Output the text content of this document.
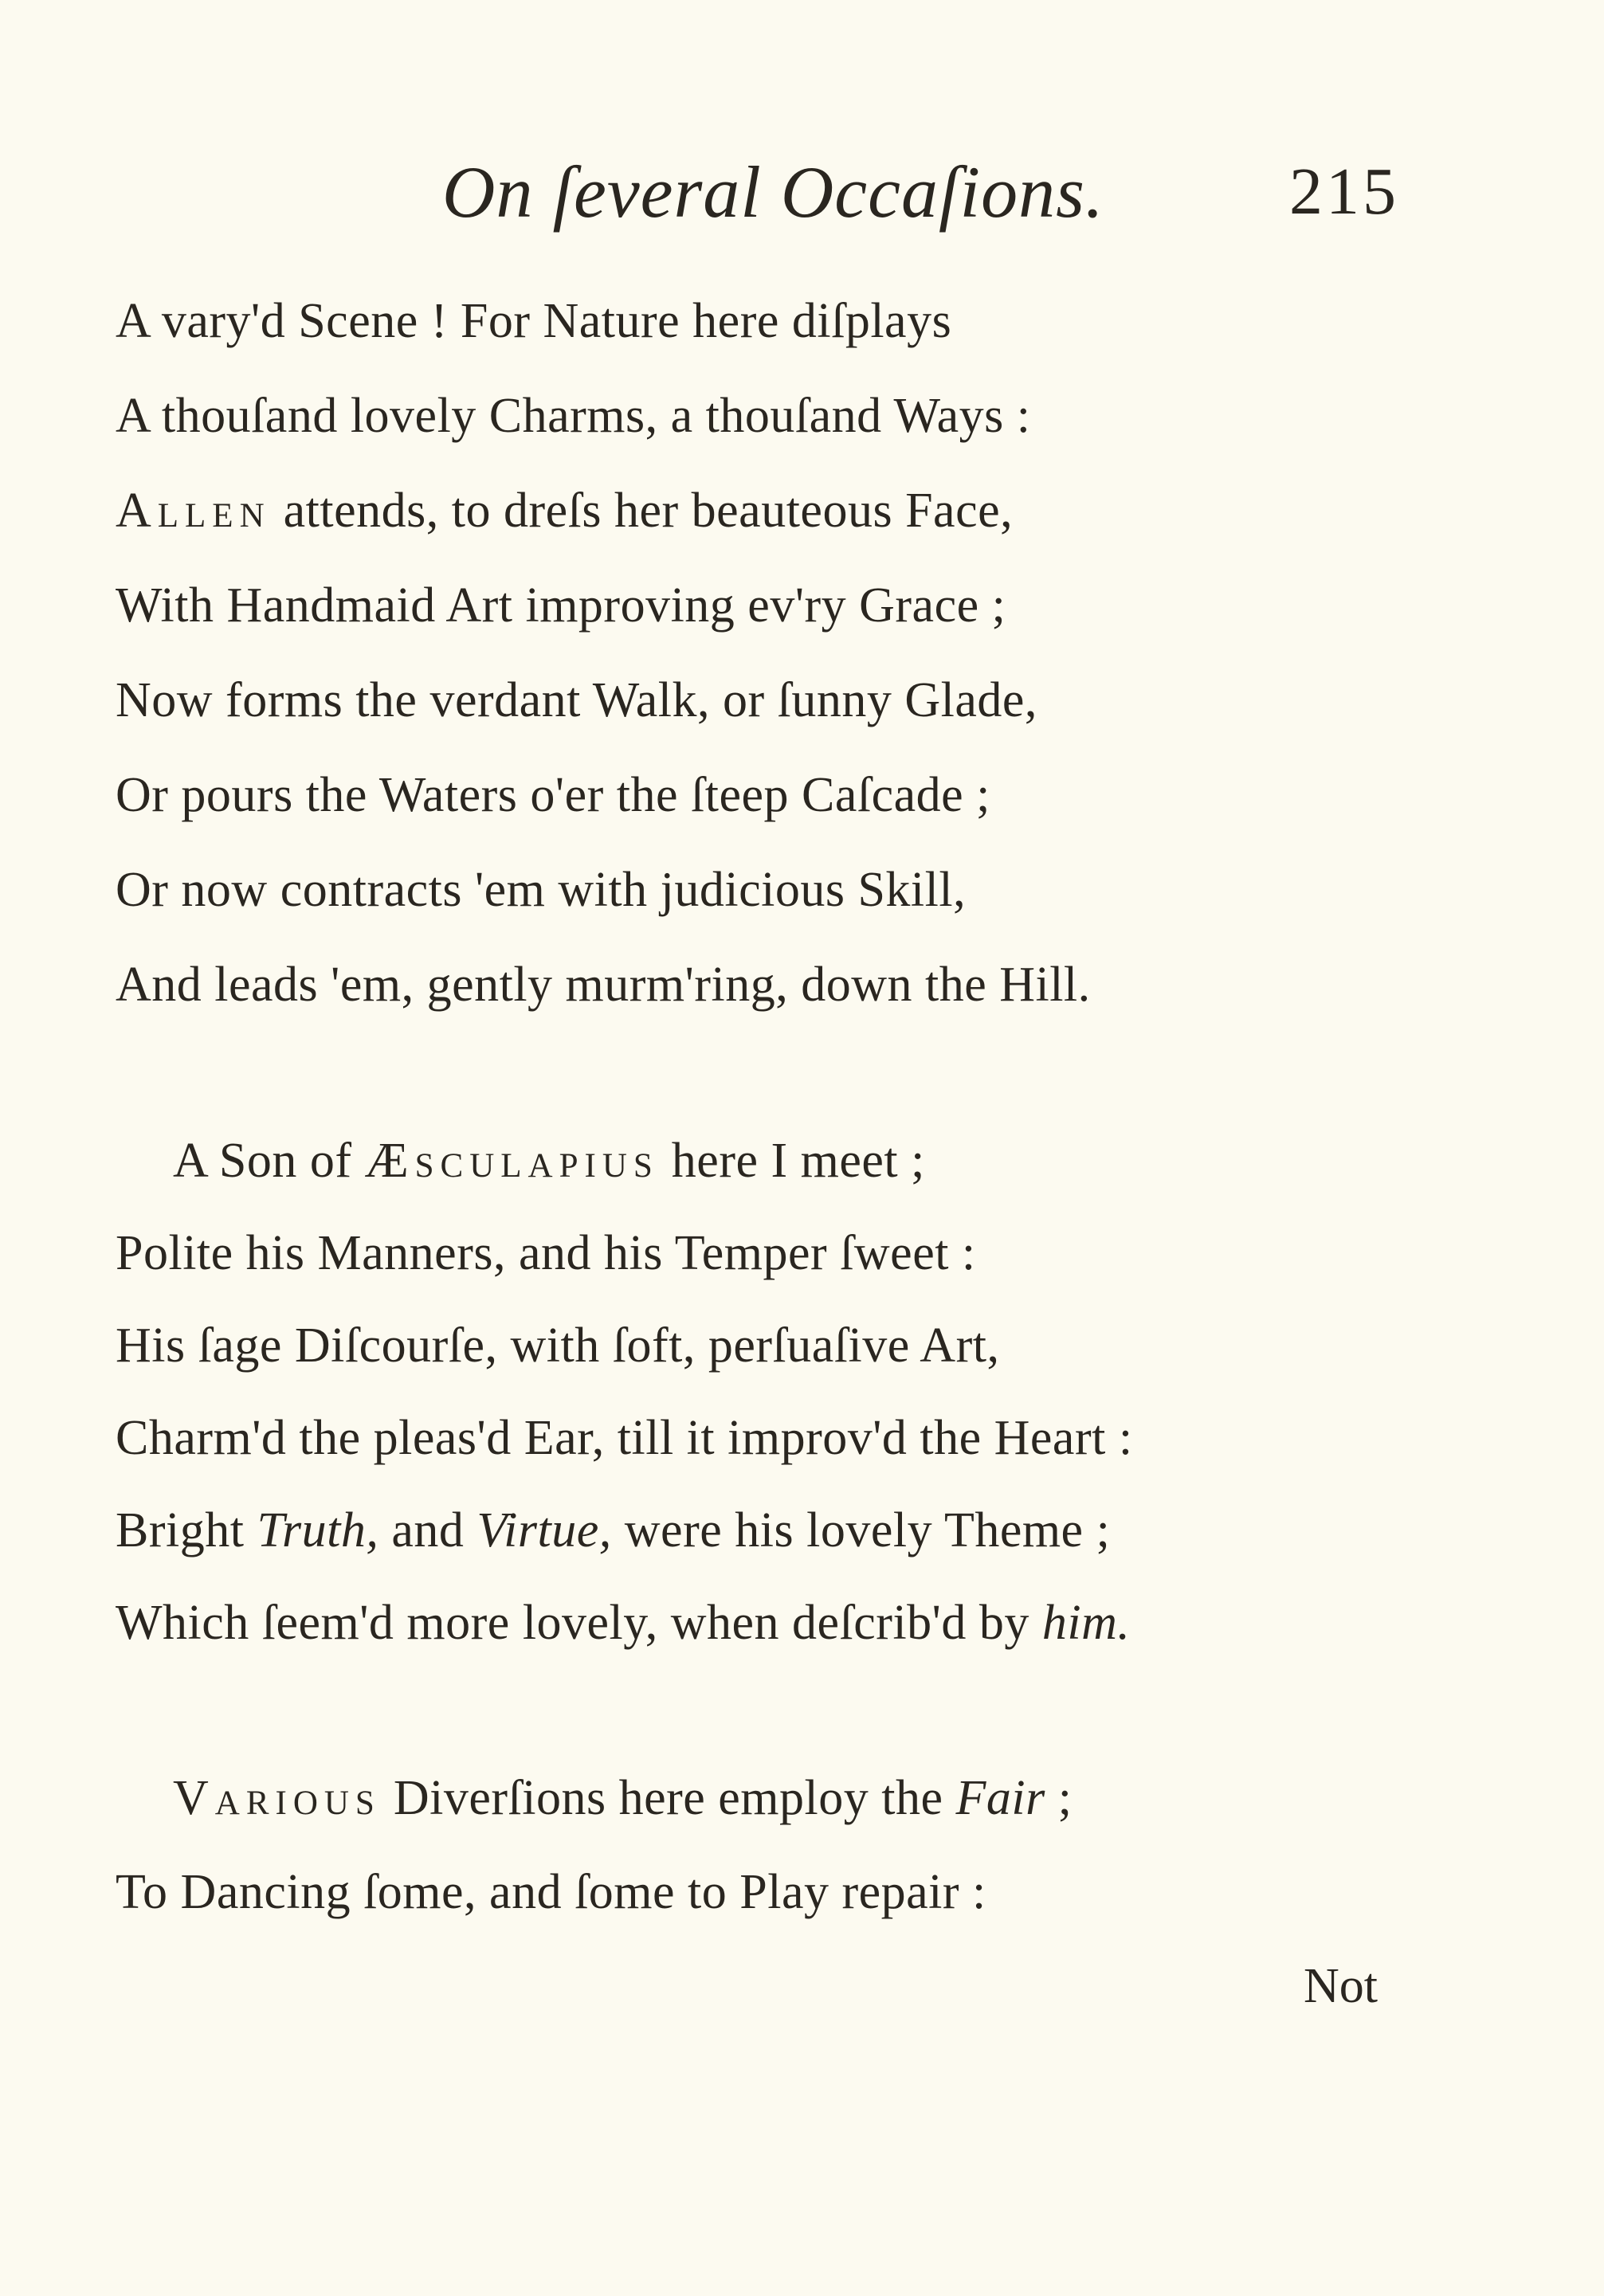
On ſeveral Occaſions.	215
A vary'd Scene ! For Nature here diſplays
A thouſand lovely Charms, a thouſand Ways :
Allen attends, to dreſs her beauteous Face,
With Handmaid Art improving ev'ry Grace ;
Now forms the verdant Walk, or ſunny Glade,
Or pours the Waters o'er the ſteep Caſcade ;
Or now contracts 'em with judicious Skill,
And leads 'em, gently murm'ring, down the Hill.
A Son of Æsculapius here I meet ;
Polite his Manners, and his Temper ſweet :
His ſage Diſcourſe, with ſoft, perſuaſive Art,
Charm'd the pleas'd Ear, till it improv'd the Heart :
Bright Truth, and Virtue, were his lovely Theme ;
Which ſeem'd more lovely, when deſcrib'd by him.
Various Diverſions here employ the Fair ;
To Dancing ſome, and ſome to Play repair :
Not
